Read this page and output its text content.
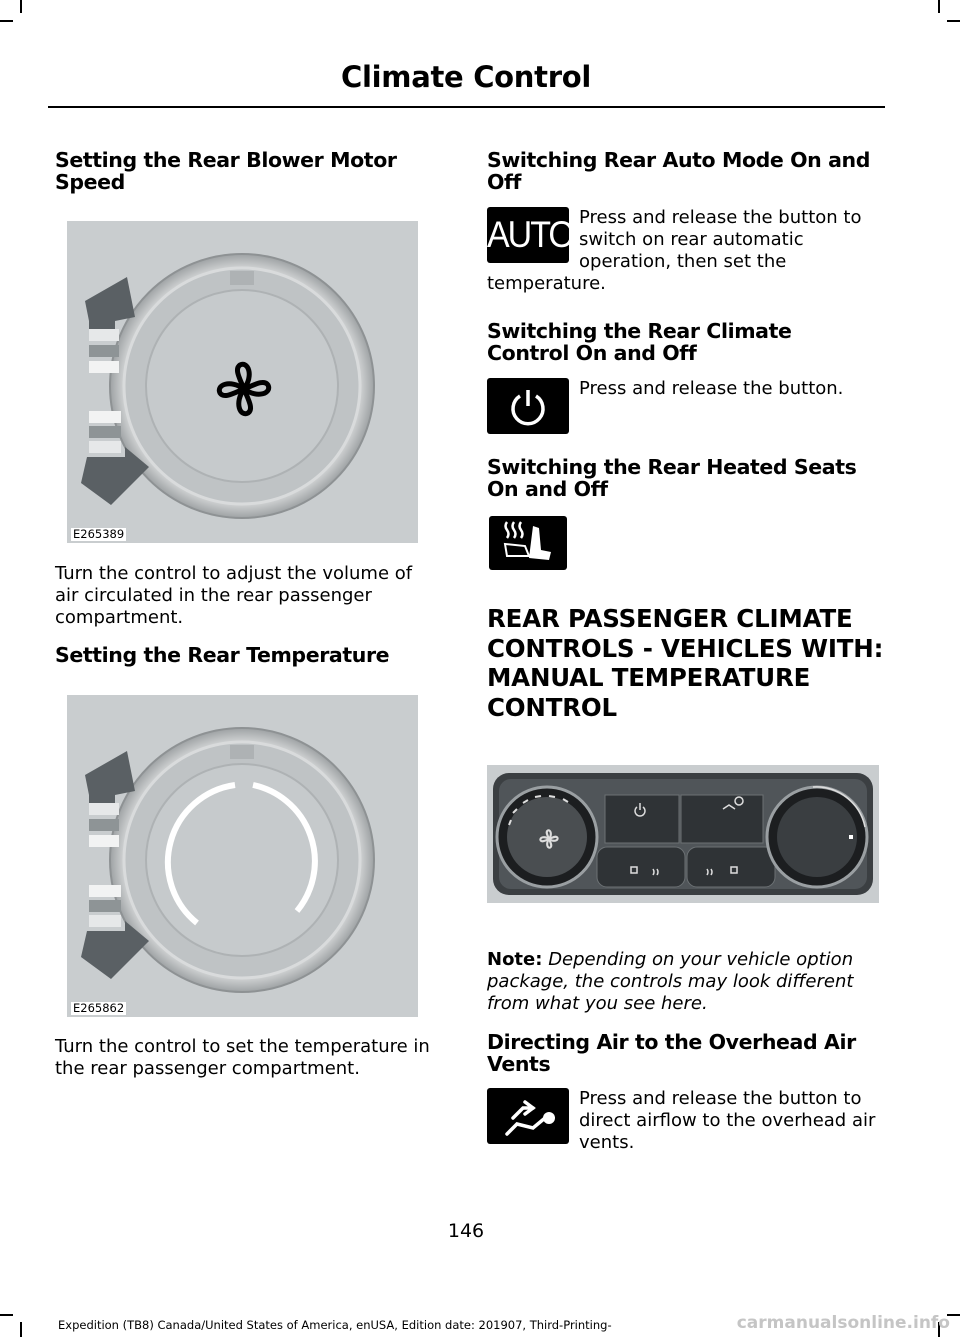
Climate Control
Setting the Rear Blower Motor Speed
E265389

Turn the control to adjust the volume of air circulated in the rear passenger compartment.

Setting the Rear Temperature
E265862

Turn the control to set the temperature in the rear passenger compartment.

Switching Rear Auto Mode On and Off
AUTO Press and release the button to switch on rear automatic operation, then set the temperature.

Switching the Rear Climate Control On and Off

Press and release the button.

Switching the Rear Heated Seats On and Off
REAR PASSENGER CLIMATE CONTROLS - VEHICLES WITH: MANUAL TEMPERATURE CONTROL

Note: Depending on your vehicle option package, the controls may look different from what you see here.

Directing Air to the Overhead Air Vents

Press and release the button to direct airflow to the overhead air vents.

146
Expedition (TB8) Canada/United States of America, enUSA, Edition date: 201907, Third-Printing-	carmanualsonline.info
